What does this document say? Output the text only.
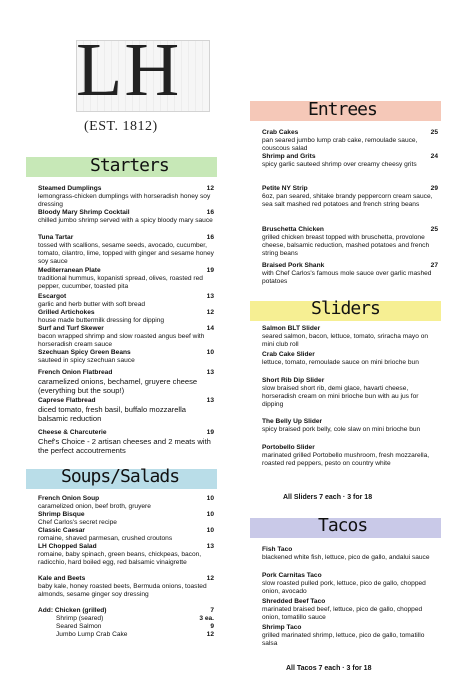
LH
(EST. 1812)
Starters
Steamed Dumplings	12
lemongrass-chicken dumplings with horseradish honey soy dressing
Bloody Mary Shrimp Cocktail	16
chilled jumbo shrimp served with a spicy bloody mary sauce
Tuna Tartar	16
tossed with scallions, sesame seeds, avocado, cucumber, tomato, cilantro, lime, topped with ginger and sesame honey soy sauce
Mediterranean Plate	19
traditional hummus, kopanisti spread, olives, roasted red pepper, cucumber, toasted pita
Escargot	13
garlic and herb butter with soft bread
Grilled Artichokes	12
house made buttermilk dressing for dipping
Surf and Turf Skewer	14
bacon wrapped shrimp and slow roasted angus beef with horseradish cream sauce
Szechuan Spicy Green Beans	10
sauteed in spicy szechuan sauce
French Onion Flatbread	13
caramelized onions, bechamel, gruyere cheese (everything but the soup!)
Caprese Flatbread	13
diced tomato, fresh basil, buffalo mozzarella balsamic reduction
Cheese & Charcuterie	19
Chef's Choice - 2 artisan cheeses and 2 meats with the perfect accoutrements
Soups/Salads
French Onion Soup	10
caramelized onion, beef broth, gruyere
Shrimp Bisque	10
Chef Carlos's secret recipe
Classic Caesar	10
romaine, shaved parmesan, crushed croutons
LH Chopped Salad	13
romaine, baby spinach, green beans, chickpeas, bacon, radicchio, hard boiled egg, red balsamic vinaigrette
Kale and Beets	12
baby kale, honey roasted beets, Bermuda onions, toasted almonds, sesame ginger soy dressing
Add: Chicken (grilled)	7
Shrimp (seared)	3 ea.
Seared Salmon	9
Jumbo Lump Crab Cake	12
Entrees
Crab Cakes	25
pan seared jumbo lump crab cake, remoulade sauce, couscous salad
Shrimp and Grits	24
spicy garlic sauteed shrimp over creamy cheesy grits
Petite NY Strip	29
6oz, pan seared, shitake brandy peppercorn cream sauce, sea salt mashed red potatoes and french string beans
Bruschetta Chicken	25
grilled chicken breast topped with bruschetta, provolone cheese, balsamic reduction, mashed potatoes and french string beans
Braised Pork Shank	27
with Chef Carlos's famous mole sauce over garlic mashed potatoes
Sliders
Salmon BLT Slider
seared salmon, bacon, lettuce, tomato, sriracha mayo on mini club roll
Crab Cake Slider
lettuce, tomato, remoulade sauce on mini brioche bun
Short Rib Dip Slider
slow braised short rib, demi glace, havarti cheese, horseradish cream on mini brioche bun with au jus for dipping
The Belly Up Slider
spicy braised pork belly, cole slaw on mini brioche bun
Portobello Slider
marinated grilled Portobello mushroom, fresh mozzarella, roasted red peppers, pesto on country white
All Sliders 7 each · 3 for 18
Tacos
Fish Taco
blackened white fish, lettuce, pico de gallo, andalui sauce
Pork Carnitas Taco
slow roasted pulled pork, lettuce, pico de gallo, chopped onion, avocado
Shredded Beef Taco
marinated braised beef, lettuce, pico de gallo, chopped onion, tomatillo sauce
Shrimp Taco
grilled marinated shrimp, lettuce, pico de gallo, tomatillo salsa
All Tacos 7 each · 3 for 18
